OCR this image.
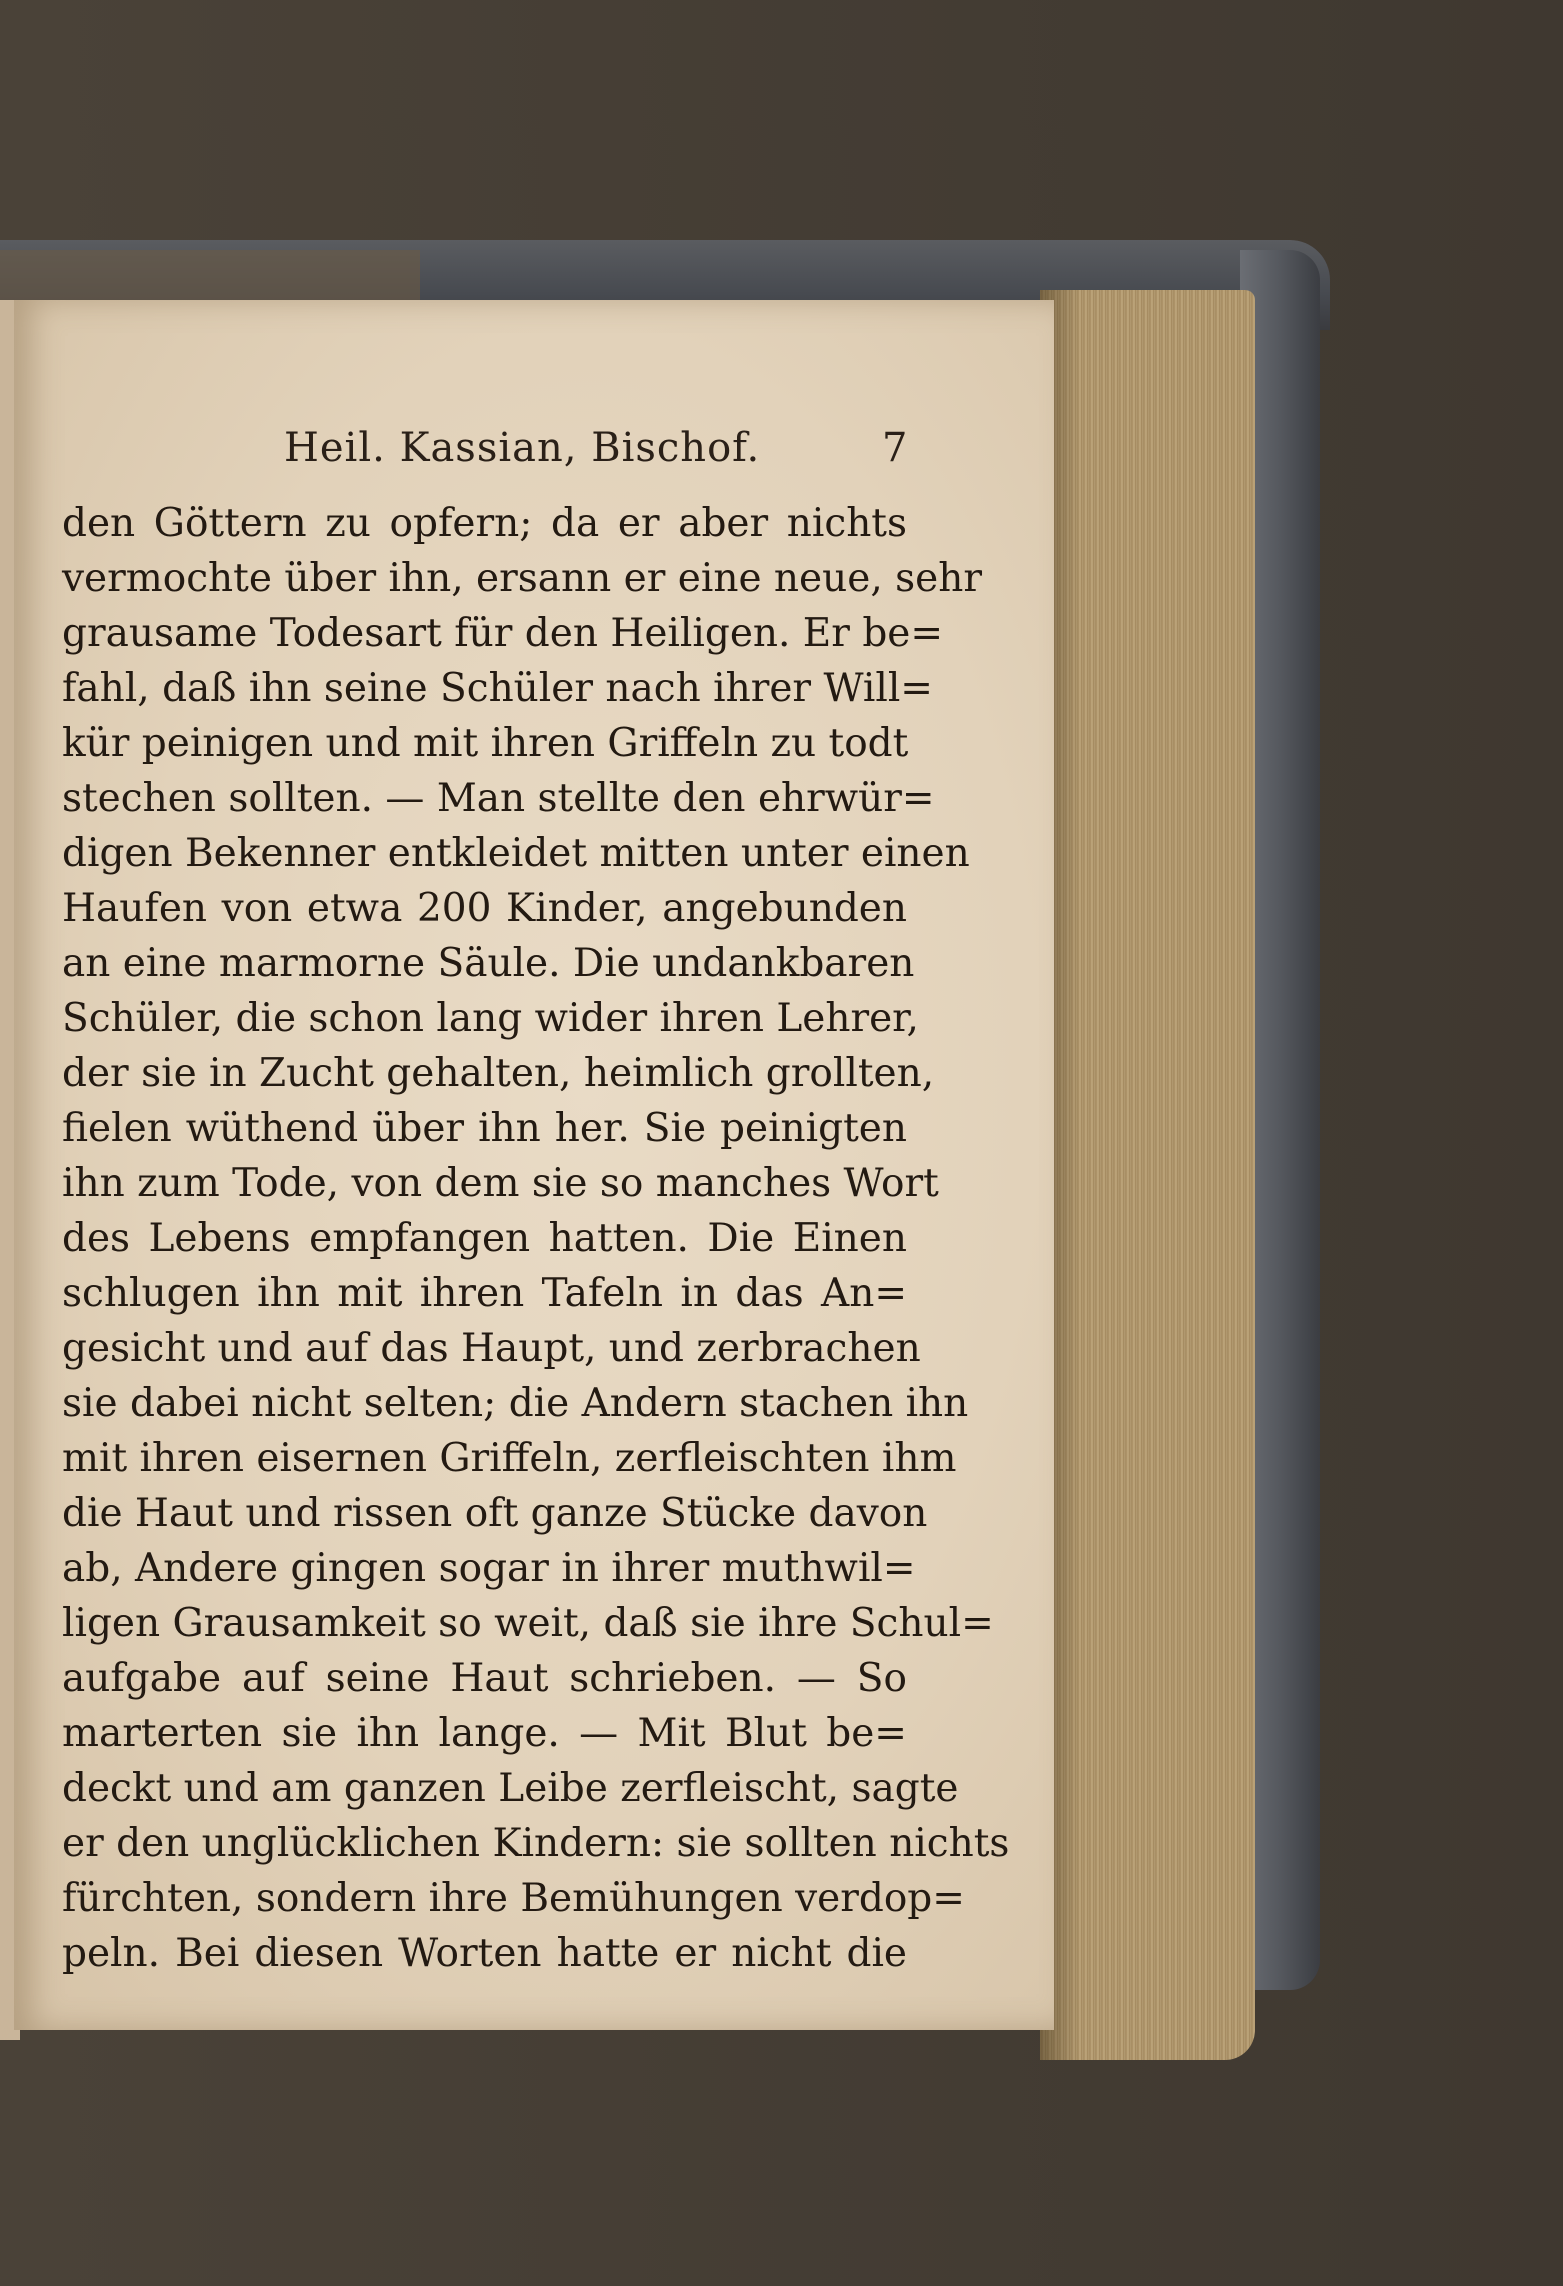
Heil. Kassian, Bischof.	7
den Göttern zu opfern; da er aber nichts
vermochte über ihn, ersann er eine neue, sehr
grausame Todesart für den Heiligen. Er be=
fahl, daß ihn seine Schüler nach ihrer Will=
kür peinigen und mit ihren Griffeln zu todt
stechen sollten. — Man stellte den ehrwür=
digen Bekenner entkleidet mitten unter einen
Haufen von etwa 200 Kinder, angebunden
an eine marmorne Säule. Die undankbaren
Schüler, die schon lang wider ihren Lehrer,
der sie in Zucht gehalten, heimlich grollten,
fielen wüthend über ihn her. Sie peinigten
ihn zum Tode, von dem sie so manches Wort
des Lebens empfangen hatten. Die Einen
schlugen ihn mit ihren Tafeln in das An=
gesicht und auf das Haupt, und zerbrachen
sie dabei nicht selten; die Andern stachen ihn
mit ihren eisernen Griffeln, zerfleischten ihm
die Haut und rissen oft ganze Stücke davon
ab, Andere gingen sogar in ihrer muthwil=
ligen Grausamkeit so weit, daß sie ihre Schul=
aufgabe auf seine Haut schrieben. — So
marterten sie ihn lange. — Mit Blut be=
deckt und am ganzen Leibe zerfleischt, sagte
er den unglücklichen Kindern: sie sollten nichts
fürchten, sondern ihre Bemühungen verdop=
peln. Bei diesen Worten hatte er nicht die
